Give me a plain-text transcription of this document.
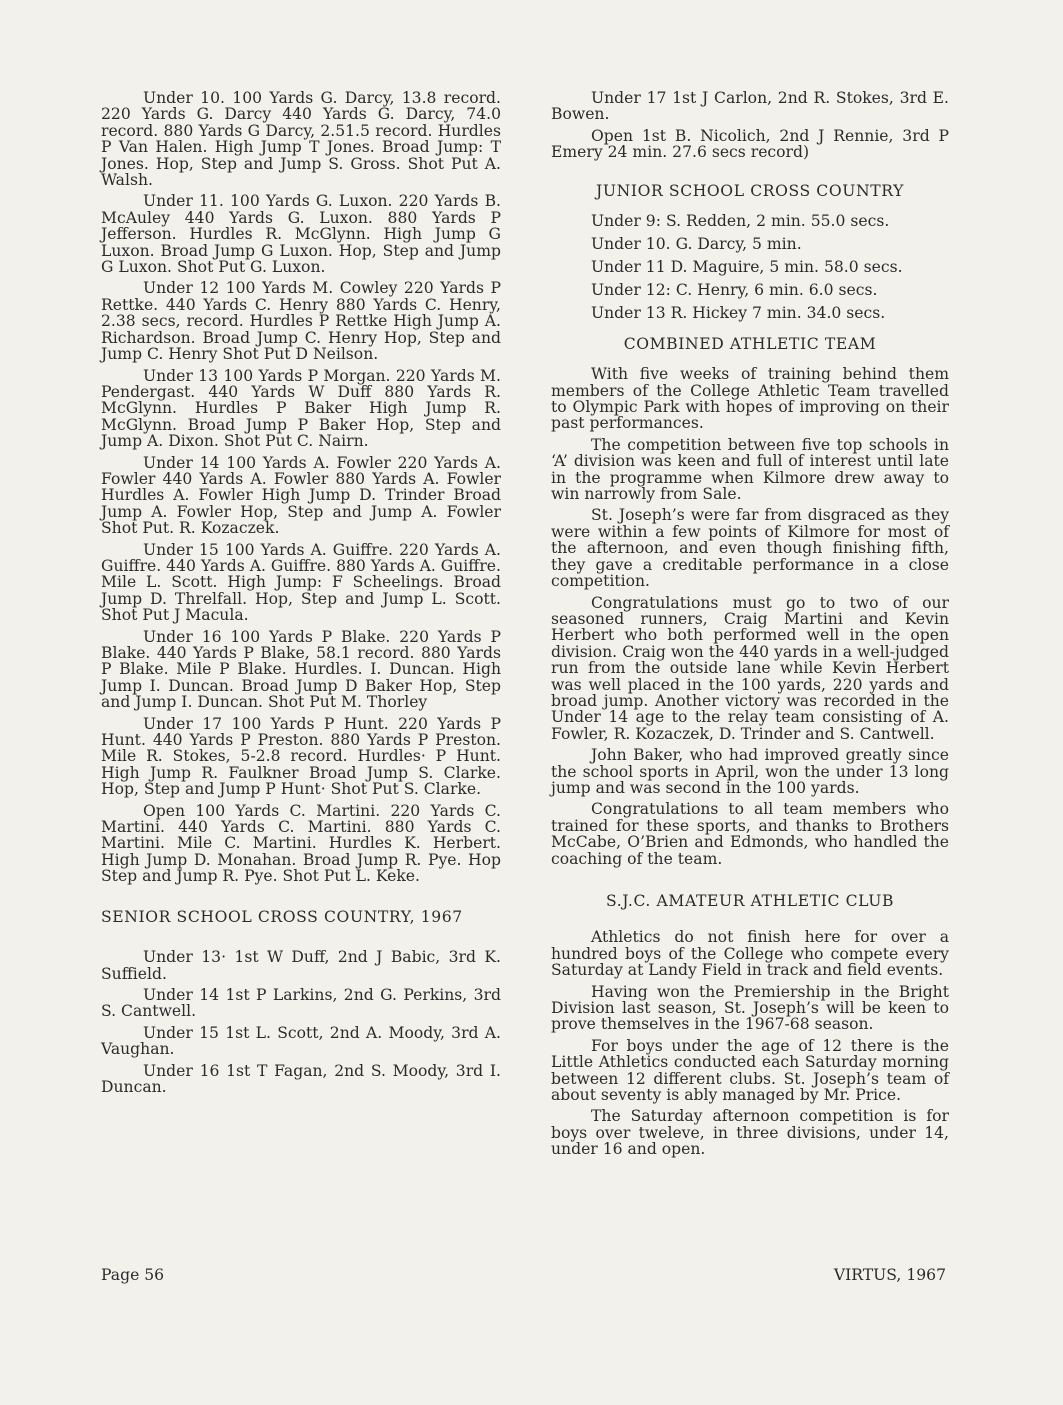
Under 10. 100 Yards G. Darcy, 13.8 record. 220 Yards G. Darcy 440 Yards G. Darcy, 74.0 record. 880 Yards G Darcy, 2.51.5 record. Hurdles P Van Halen. High Jump T Jones. Broad Jump: T Jones. Hop, Step and Jump S. Gross. Shot Put A. Walsh.

Under 11. 100 Yards G. Luxon. 220 Yards B. McAuley 440 Yards G. Luxon. 880 Yards P Jefferson. Hurdles R. McGlynn. High Jump G Luxon. Broad Jump G Luxon. Hop, Step and Jump G Luxon. Shot Put G. Luxon.

Under 12 100 Yards M. Cowley 220 Yards P Rettke. 440 Yards C. Henry 880 Yards C. Henry, 2.38 secs, record. Hurdles P Rettke High Jump A. Richardson. Broad Jump C. Henry Hop, Step and Jump C. Henry Shot Put D Neilson.

Under 13 100 Yards P Morgan. 220 Yards M. Pendergast. 440 Yards W Duff 880 Yards R. McGlynn. Hurdles P Baker High Jump R. McGlynn. Broad Jump P Baker Hop, Step and Jump A. Dixon. Shot Put C. Nairn.

Under 14 100 Yards A. Fowler 220 Yards A. Fowler 440 Yards A. Fowler 880 Yards A. Fowler Hurdles A. Fowler High Jump D. Trinder Broad Jump A. Fowler Hop, Step and Jump A. Fowler Shot Put. R. Kozaczek.

Under 15 100 Yards A. Guiffre. 220 Yards A. Guiffre. 440 Yards A. Guiffre. 880 Yards A. Guiffre. Mile L. Scott. High Jump: F Scheelings. Broad Jump D. Threlfall. Hop, Step and Jump L. Scott. Shot Put J Macula.

Under 16 100 Yards P Blake. 220 Yards P Blake. 440 Yards P Blake, 58.1 record. 880 Yards P Blake. Mile P Blake. Hurdles. I. Duncan. High Jump I. Duncan. Broad Jump D Baker Hop, Step and Jump I. Duncan. Shot Put M. Thorley

Under 17 100 Yards P Hunt. 220 Yards P Hunt. 440 Yards P Preston. 880 Yards P Preston. Mile R. Stokes, 5-2.8 record. Hurdles· P Hunt. High Jump R. Faulkner Broad Jump S. Clarke. Hop, Step and Jump P Hunt· Shot Put S. Clarke.

Open 100 Yards C. Martini. 220 Yards C. Martini. 440 Yards C. Martini. 880 Yards C. Martini. Mile C. Martini. Hurdles K. Herbert. High Jump D. Monahan. Broad Jump R. Pye. Hop Step and Jump R. Pye. Shot Put L. Keke.

SENIOR SCHOOL CROSS COUNTRY, 1967

Under 13· 1st W Duff, 2nd J Babic, 3rd K. Suffield.

Under 14 1st P Larkins, 2nd G. Perkins, 3rd S. Cantwell.

Under 15 1st L. Scott, 2nd A. Moody, 3rd A. Vaughan.

Under 16 1st T Fagan, 2nd S. Moody, 3rd I. Duncan.

Under 17 1st J Carlon, 2nd R. Stokes, 3rd E. Bowen.

Open 1st B. Nicolich, 2nd J Rennie, 3rd P Emery 24 min. 27.6 secs record)

JUNIOR SCHOOL CROSS COUNTRY
Under 9: S. Redden, 2 min. 55.0 secs.
Under 10. G. Darcy, 5 min.
Under 11 D. Maguire, 5 min. 58.0 secs.
Under 12: C. Henry, 6 min. 6.0 secs.
Under 13 R. Hickey 7 min. 34.0 secs.
COMBINED ATHLETIC TEAM

With five weeks of training behind them members of the College Athletic Team travelled to Olympic Park with hopes of improving on their past performances.

The competition between five top schools in ‘A’ division was keen and full of interest until late in the programme when Kilmore drew away to win narrowly from Sale.

St. Joseph’s were far from disgraced as they were within a few points of Kilmore for most of the afternoon, and even though finishing fifth, they gave a creditable performance in a close competition.

Congratulations must go to two of our seasoned runners, Craig Martini and Kevin Herbert who both performed well in the open division. Craig won the 440 yards in a well-judged run from the outside lane while Kevin Herbert was well placed in the 100 yards, 220 yards and broad jump. Another victory was recorded in the Under 14 age to the relay team consisting of A. Fowler, R. Kozaczek, D. Trinder and S. Cantwell.

John Baker, who had improved greatly since the school sports in April, won the under 13 long jump and was second in the 100 yards.

Congratulations to all team members who trained for these sports, and thanks to Brothers McCabe, O’Brien and Edmonds, who handled the coaching of the team.

S.J.C. AMATEUR ATHLETIC CLUB

Athletics do not finish here for over a hundred boys of the College who compete every Saturday at Landy Field in track and field events.

Having won the Premiership in the Bright Division last season, St. Joseph’s will be keen to prove themselves in the 1967-68 season.

For boys under the age of 12 there is the Little Athletics conducted each Saturday morning between 12 different clubs. St. Joseph’s team of about seventy is ably managed by Mr. Price.

The Saturday afternoon competition is for boys over tweleve, in three divisions, under 14, under 16 and open.

Page 56	VIRTUS, 1967
